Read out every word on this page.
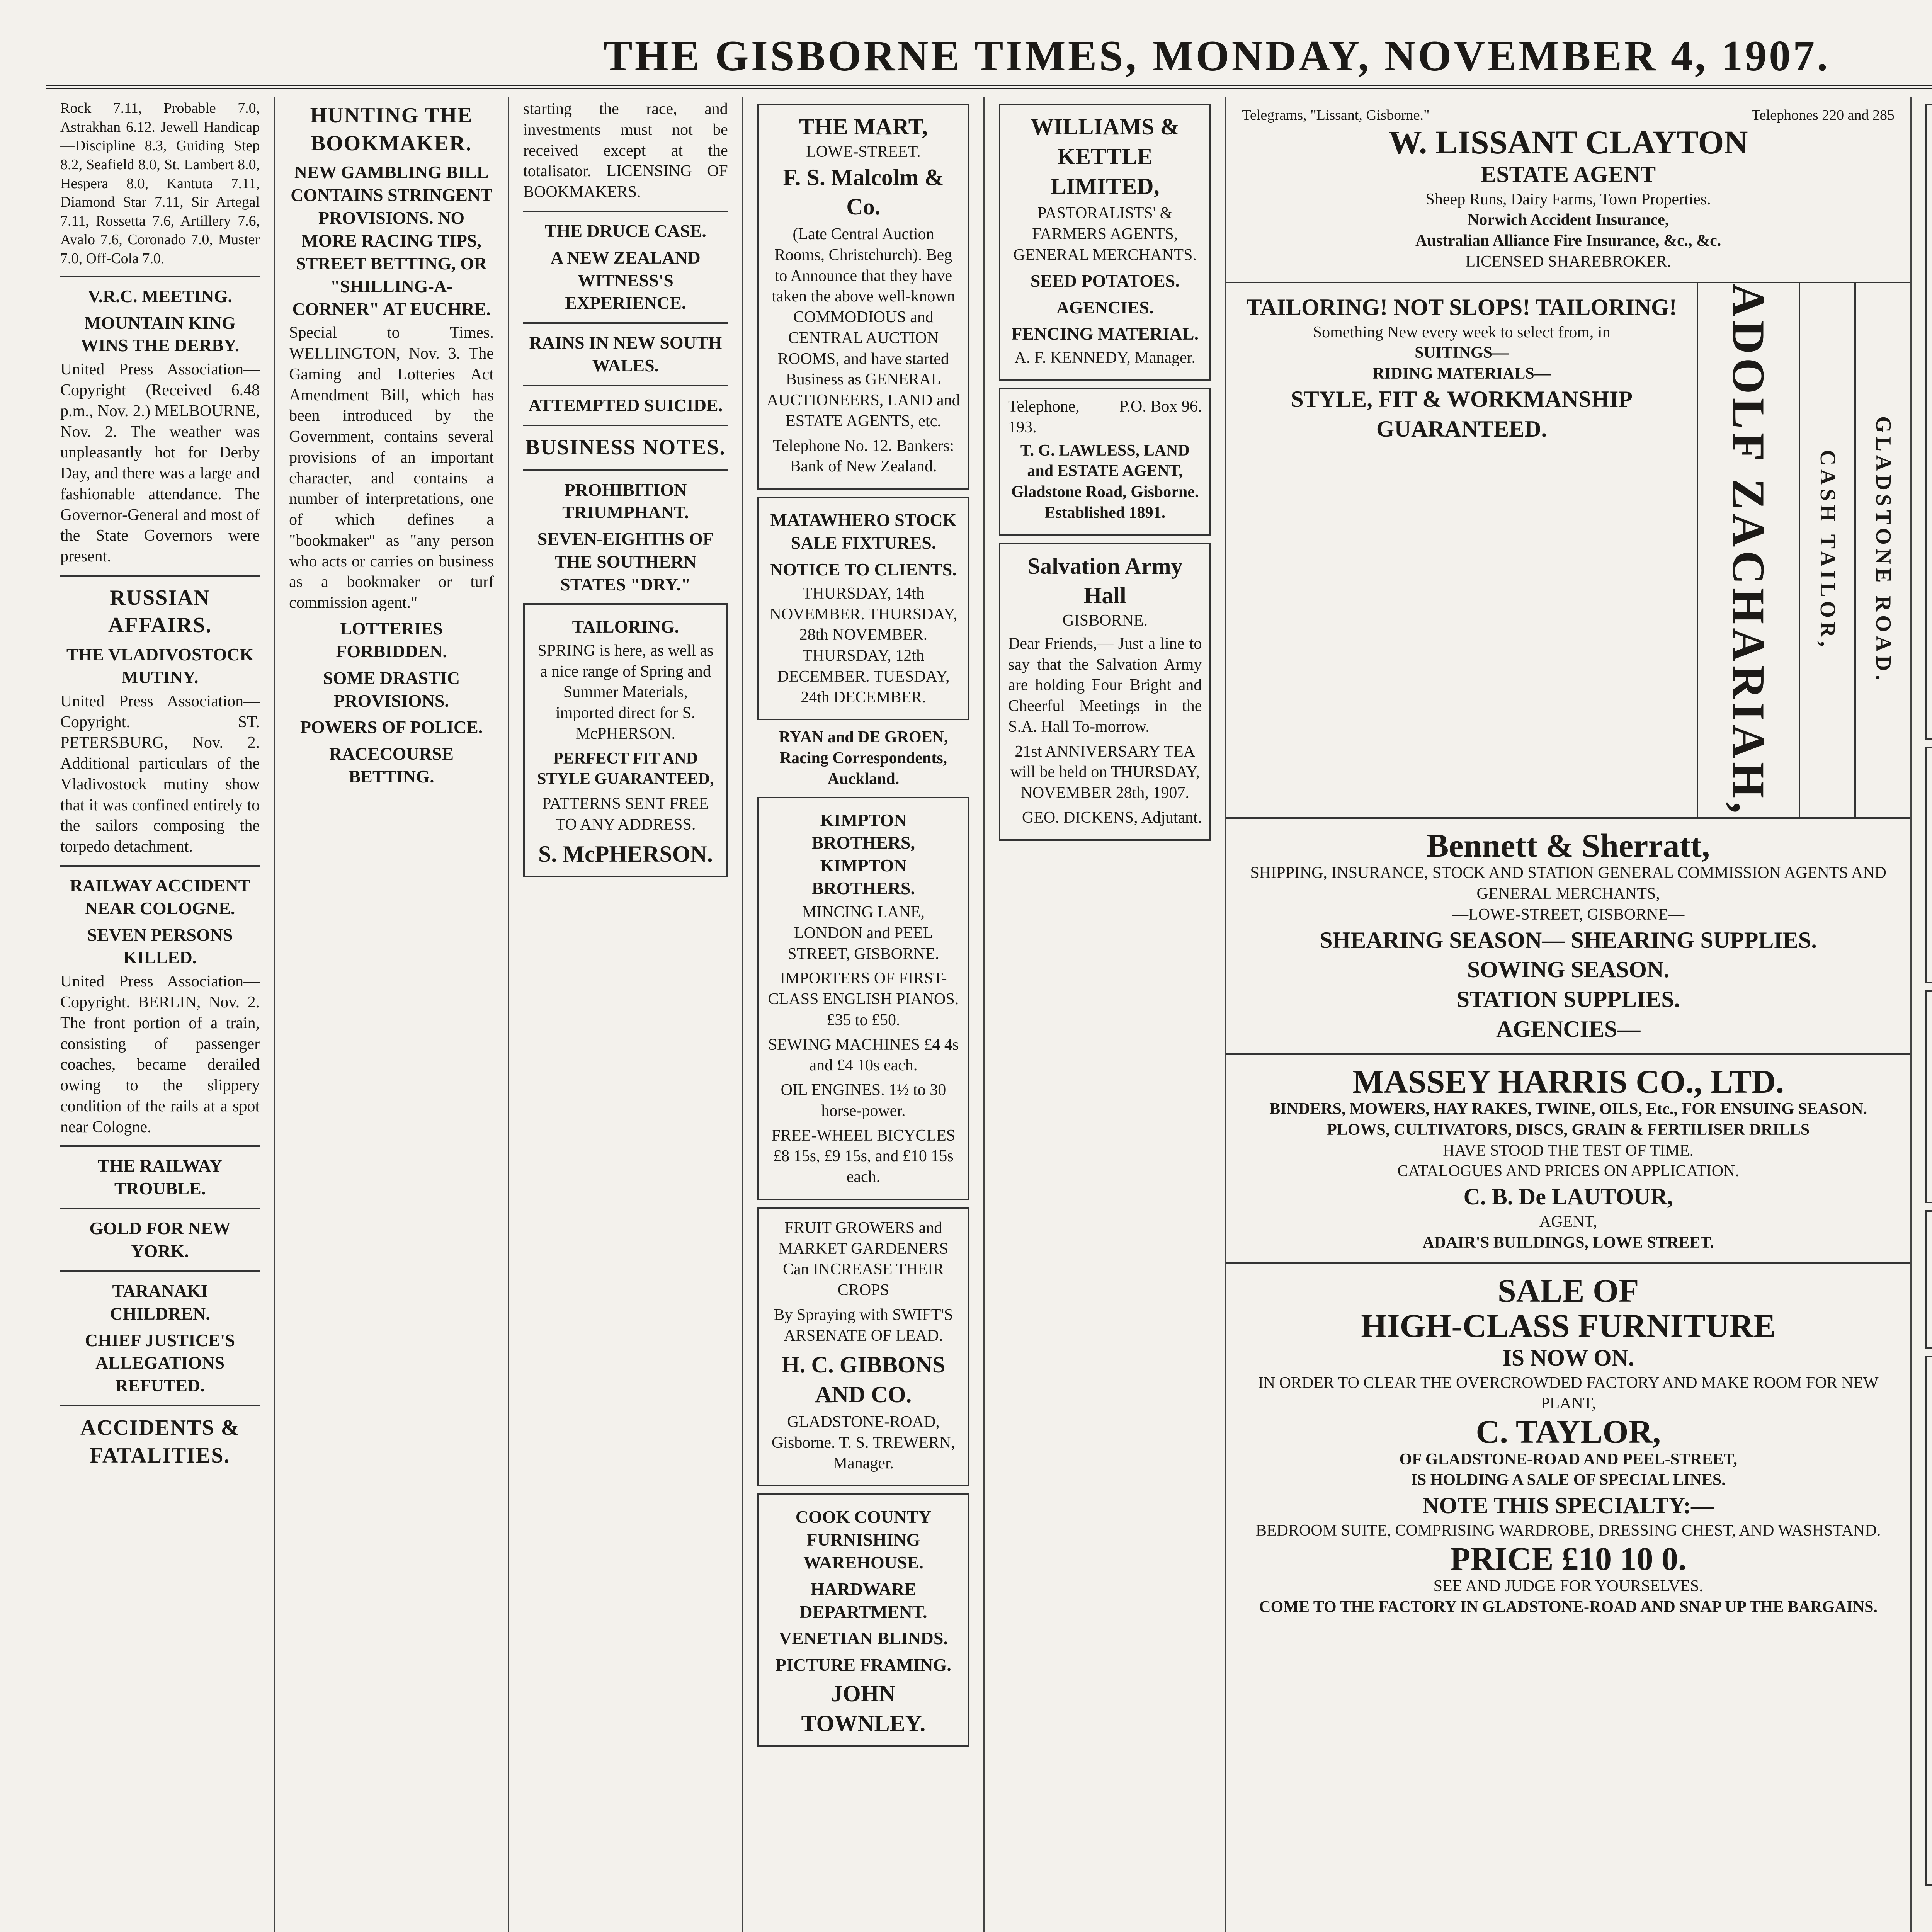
THE GISBORNE TIMES, MONDAY, NOVEMBER 4, 1907.

Rock 7.11, Probable 7.0, Astrakhan 6.12. Jewell Handicap—Discipline 8.3, Guiding Step 8.2, Seafield 8.0, St. Lambert 8.0, Hespera 8.0, Kantuta 7.11, Diamond Star 7.11, Sir Artegal 7.11, Rossetta 7.6, Artillery 7.6, Avalo 7.6, Coronado 7.0, Muster 7.0, Off-Cola 7.0.

V.R.C. MEETING.
MOUNTAIN KING WINS THE DERBY.

United Press Association—Copyright (Received 6.48 p.m., Nov. 2.) MELBOURNE, Nov. 2. The weather was unpleasantly hot for Derby Day, and there was a large and fashionable attendance. The Governor-General and most of the State Governors were present.

RUSSIAN AFFAIRS.
THE VLADIVOSTOCK MUTINY.

United Press Association—Copyright. ST. PETERSBURG, Nov. 2. Additional particulars of the Vladivostock mutiny show that it was confined entirely to the sailors composing the torpedo detachment.

RAILWAY ACCIDENT NEAR COLOGNE.
SEVEN PERSONS KILLED.

United Press Association—Copyright. BERLIN, Nov. 2. The front portion of a train, consisting of passenger coaches, became derailed owing to the slippery condition of the rails at a spot near Cologne.

THE RAILWAY TROUBLE.
GOLD FOR NEW YORK.
TARANAKI CHILDREN.
CHIEF JUSTICE'S ALLEGATIONS REFUTED.
ACCIDENTS & FATALITIES.
HUNTING THE BOOKMAKER.
NEW GAMBLING BILL CONTAINS STRINGENT PROVISIONS. NO MORE RACING TIPS, STREET BETTING, OR "SHILLING-A-CORNER" AT EUCHRE.

Special to Times. WELLINGTON, Nov. 3. The Gaming and Lotteries Act Amendment Bill, which has been introduced by the Government, contains several provisions of an important character, and contains a number of interpretations, one of which defines a "bookmaker" as "any person who acts or carries on business as a bookmaker or turf commission agent."

LOTTERIES FORBIDDEN.
SOME DRASTIC PROVISIONS.
POWERS OF POLICE.
RACECOURSE BETTING.

starting the race, and investments must not be received except at the totalisator. LICENSING OF BOOKMAKERS.

THE DRUCE CASE.
A NEW ZEALAND WITNESS'S EXPERIENCE.
RAINS IN NEW SOUTH WALES.
ATTEMPTED SUICIDE.
BUSINESS NOTES.
PROHIBITION TRIUMPHANT.
SEVEN-EIGHTHS OF THE SOUTHERN STATES "DRY."
TAILORING.

SPRING is here, as well as a nice range of Spring and Summer Materials, imported direct for S. McPHERSON.

PERFECT FIT AND STYLE GUARANTEED,

PATTERNS SENT FREE TO ANY ADDRESS.

S. McPHERSON.
THE MART,
LOWE-STREET.
F. S. Malcolm & Co.

(Late Central Auction Rooms, Christchurch). Beg to Announce that they have taken the above well-known COMMODIOUS and CENTRAL AUCTION ROOMS, and have started Business as GENERAL AUCTIONEERS, LAND and ESTATE AGENTS, etc.

Telephone No. 12. Bankers: Bank of New Zealand.

MATAWHERO STOCK SALE FIXTURES.
NOTICE TO CLIENTS.

THURSDAY, 14th NOVEMBER. THURSDAY, 28th NOVEMBER. THURSDAY, 12th DECEMBER. TUESDAY, 24th DECEMBER.

RYAN and DE GROEN, Racing Correspondents, Auckland.

KIMPTON BROTHERS, KIMPTON BROTHERS.

MINCING LANE, LONDON and PEEL STREET, GISBORNE.

IMPORTERS OF FIRST-CLASS ENGLISH PIANOS. £35 to £50.

SEWING MACHINES £4 4s and £4 10s each.

OIL ENGINES. 1½ to 30 horse-power.

FREE-WHEEL BICYCLES £8 15s, £9 15s, and £10 15s each.

FRUIT GROWERS and MARKET GARDENERS Can INCREASE THEIR CROPS

By Spraying with SWIFT'S ARSENATE OF LEAD.

H. C. GIBBONS AND CO.

GLADSTONE-ROAD, Gisborne. T. S. TREWERN, Manager.

COOK COUNTY FURNISHING WAREHOUSE.
HARDWARE DEPARTMENT.
VENETIAN BLINDS.
PICTURE FRAMING.
JOHN TOWNLEY.
WILLIAMS & KETTLE LIMITED,

PASTORALISTS' & FARMERS AGENTS, GENERAL MERCHANTS.

SEED POTATOES.
AGENCIES.
FENCING MATERIAL.

A. F. KENNEDY, Manager.

Telephone, 193.
P.O. Box 96.

T. G. LAWLESS, LAND and ESTATE AGENT, Gladstone Road, Gisborne. Established 1891.

Salvation Army Hall
GISBORNE.

Dear Friends,— Just a line to say that the Salvation Army are holding Four Bright and Cheerful Meetings in the S.A. Hall To-morrow.

21st ANNIVERSARY TEA will be held on THURSDAY, NOVEMBER 28th, 1907.

GEO. DICKENS, Adjutant.

Telegrams, "Lissant, Gisborne."	Telephones 220 and 285
W. LISSANT CLAYTON
ESTATE AGENT
Sheep Runs, Dairy Farms, Town Properties.
Norwich Accident Insurance,
Australian Alliance Fire Insurance, &c., &c.
LICENSED SHAREBROKER.
TAILORING! NOT SLOPS! TAILORING!
Something New every week to select from, in
SUITINGS—
RIDING MATERIALS—
STYLE, FIT & WORKMANSHIP GUARANTEED.	ADOLF ZACHARIAH, CASH TAILOR, GLADSTONE ROAD.
Bennett & Sherratt,
SHIPPING, INSURANCE, STOCK AND STATION GENERAL COMMISSION AGENTS AND GENERAL MERCHANTS,
—LOWE-STREET, GISBORNE—
SHEARING SEASON— SHEARING SUPPLIES.
SOWING SEASON.
STATION SUPPLIES.
AGENCIES—
MASSEY HARRIS CO., LTD.
BINDERS, MOWERS, HAY RAKES, TWINE, OILS, Etc., FOR ENSUING SEASON.
PLOWS, CULTIVATORS, DISCS, GRAIN & FERTILISER DRILLS
HAVE STOOD THE TEST OF TIME.
CATALOGUES AND PRICES ON APPLICATION.
C. B. De LAUTOUR,
AGENT,
ADAIR'S BUILDINGS, LOWE STREET.
SALE OF
HIGH-CLASS FURNITURE
IS NOW ON.
IN ORDER TO CLEAR THE OVERCROWDED FACTORY AND MAKE ROOM FOR NEW PLANT,
C. TAYLOR,
OF GLADSTONE-ROAD AND PEEL-STREET,
IS HOLDING A SALE OF SPECIAL LINES.
NOTE THIS SPECIALTY:—
BEDROOM SUITE, COMPRISING WARDROBE, DRESSING CHEST, AND WASHSTAND.
PRICE £10 10 0.
SEE AND JUDGE FOR YOURSELVES.
COME TO THE FACTORY IN GLADSTONE-ROAD AND SNAP UP THE BARGAINS.
